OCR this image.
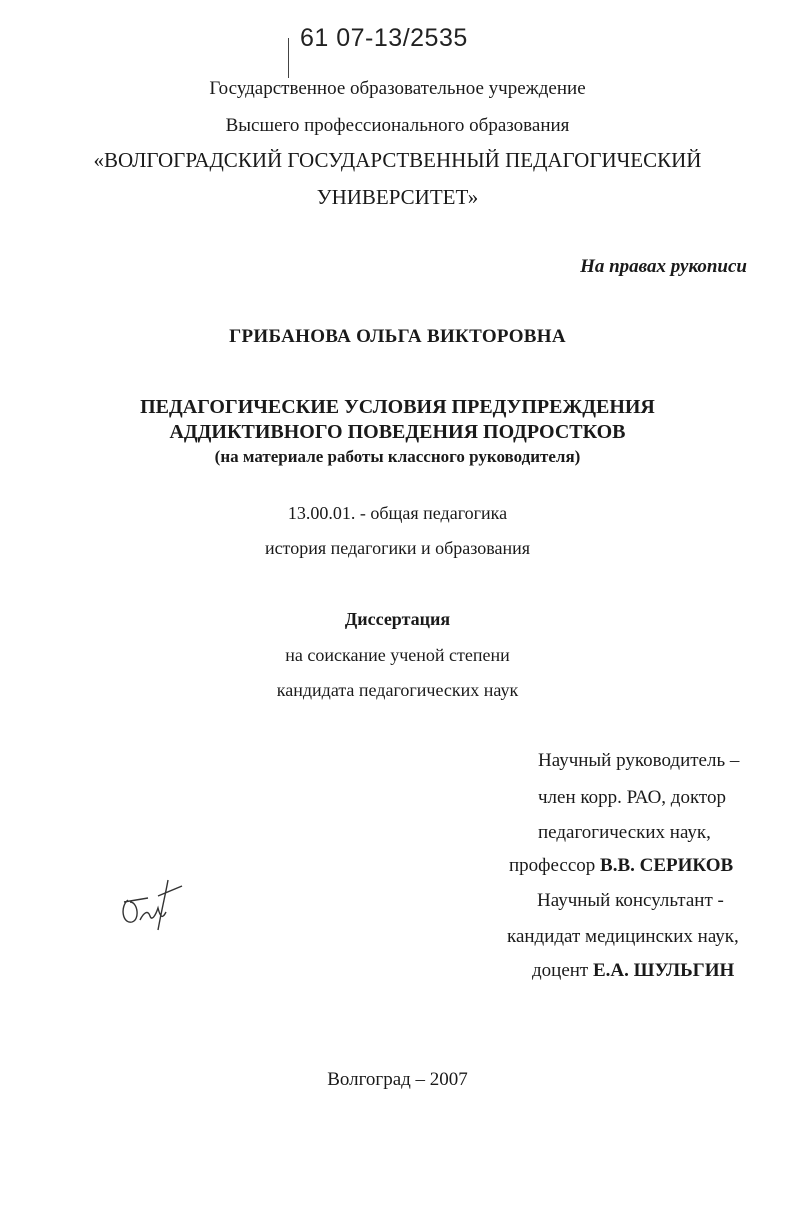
61 07-13/2535
Государственное образовательное учреждение
Высшего профессионального образования
«ВОЛГОГРАДСКИЙ ГОСУДАРСТВЕННЫЙ ПЕДАГОГИЧЕСКИЙ
УНИВЕРСИТЕТ»
На правах рукописи
ГРИБАНОВА ОЛЬГА ВИКТОРОВНА
ПЕДАГОГИЧЕСКИЕ УСЛОВИЯ ПРЕДУПРЕЖДЕНИЯ
АДДИКТИВНОГО ПОВЕДЕНИЯ ПОДРОСТКОВ
(на материале работы классного руководителя)
13.00.01. - общая педагогика
история педагогики и образования
Диссертация
на соискание ученой степени
кандидата педагогических наук
Научный руководитель –
член корр. РАО, доктор
педагогических наук,
профессор В.В. СЕРИКОВ
Научный консультант -
кандидат медицинских наук,
доцент Е.А. ШУЛЬГИН
Волгоград – 2007
